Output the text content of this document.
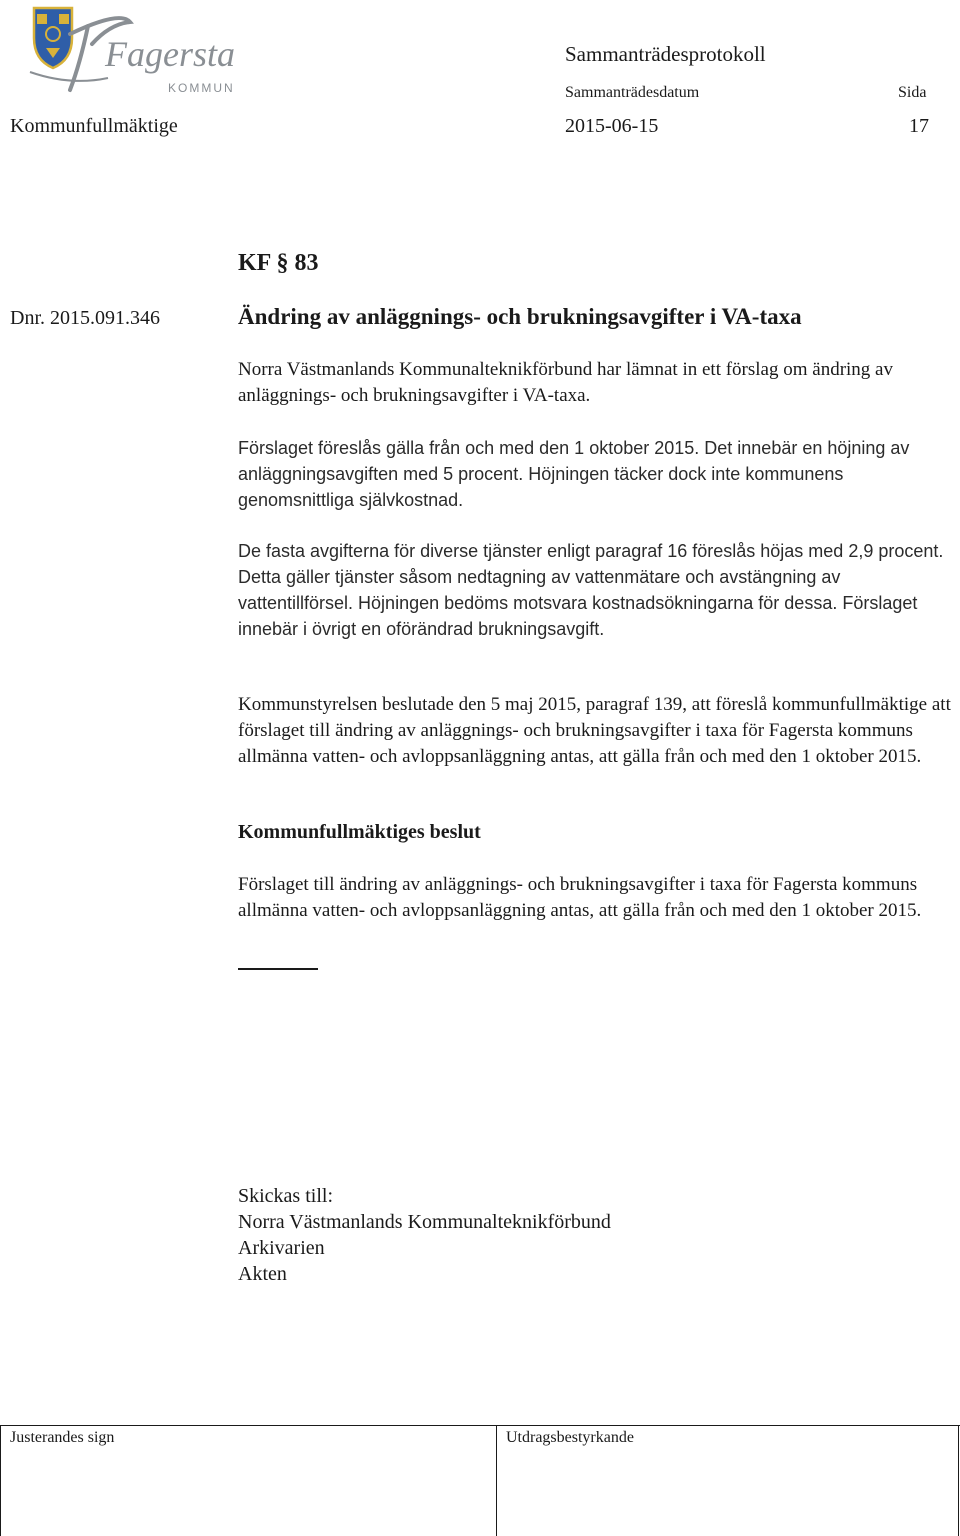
Fagersta
KOMMUN
Sammanträdesprotokoll
Sammanträdesdatum	Sida
Kommunfullmäktige	2015-06-15	17
KF § 83
Dnr. 2015.091.346	Ändring av anläggnings- och brukningsavgifter i VA-taxa
Norra Västmanlands Kommunalteknikförbund har lämnat in ett förslag om ändring av anläggnings- och brukningsavgifter i VA-taxa.
Förslaget föreslås gälla från och med den 1 oktober 2015. Det innebär en höjning av anläggningsavgiften med 5 procent. Höjningen täcker dock inte kommunens genomsnittliga självkostnad.
De fasta avgifterna för diverse tjänster enligt paragraf 16 föreslås höjas med 2,9 procent. Detta gäller tjänster såsom nedtagning av vattenmätare och avstängning av vattentillförsel. Höjningen bedöms motsvara kostnadsökningarna för dessa. Förslaget innebär i övrigt en oförändrad brukningsavgift.
Kommunstyrelsen beslutade den 5 maj 2015, paragraf 139, att föreslå kommunfullmäktige att förslaget till ändring av anläggnings- och brukningsavgifter i taxa för Fagersta kommuns allmänna vatten- och avloppsanläggning antas, att gälla från och med den 1 oktober 2015.
Kommunfullmäktiges beslut
Förslaget till ändring av anläggnings- och brukningsavgifter i taxa för Fagersta kommuns allmänna vatten- och avloppsanläggning antas, att gälla från och med den 1 oktober 2015.
Skickas till:
Norra Västmanlands Kommunalteknikförbund
Arkivarien
Akten
Justerandes sign	Utdragsbestyrkande
